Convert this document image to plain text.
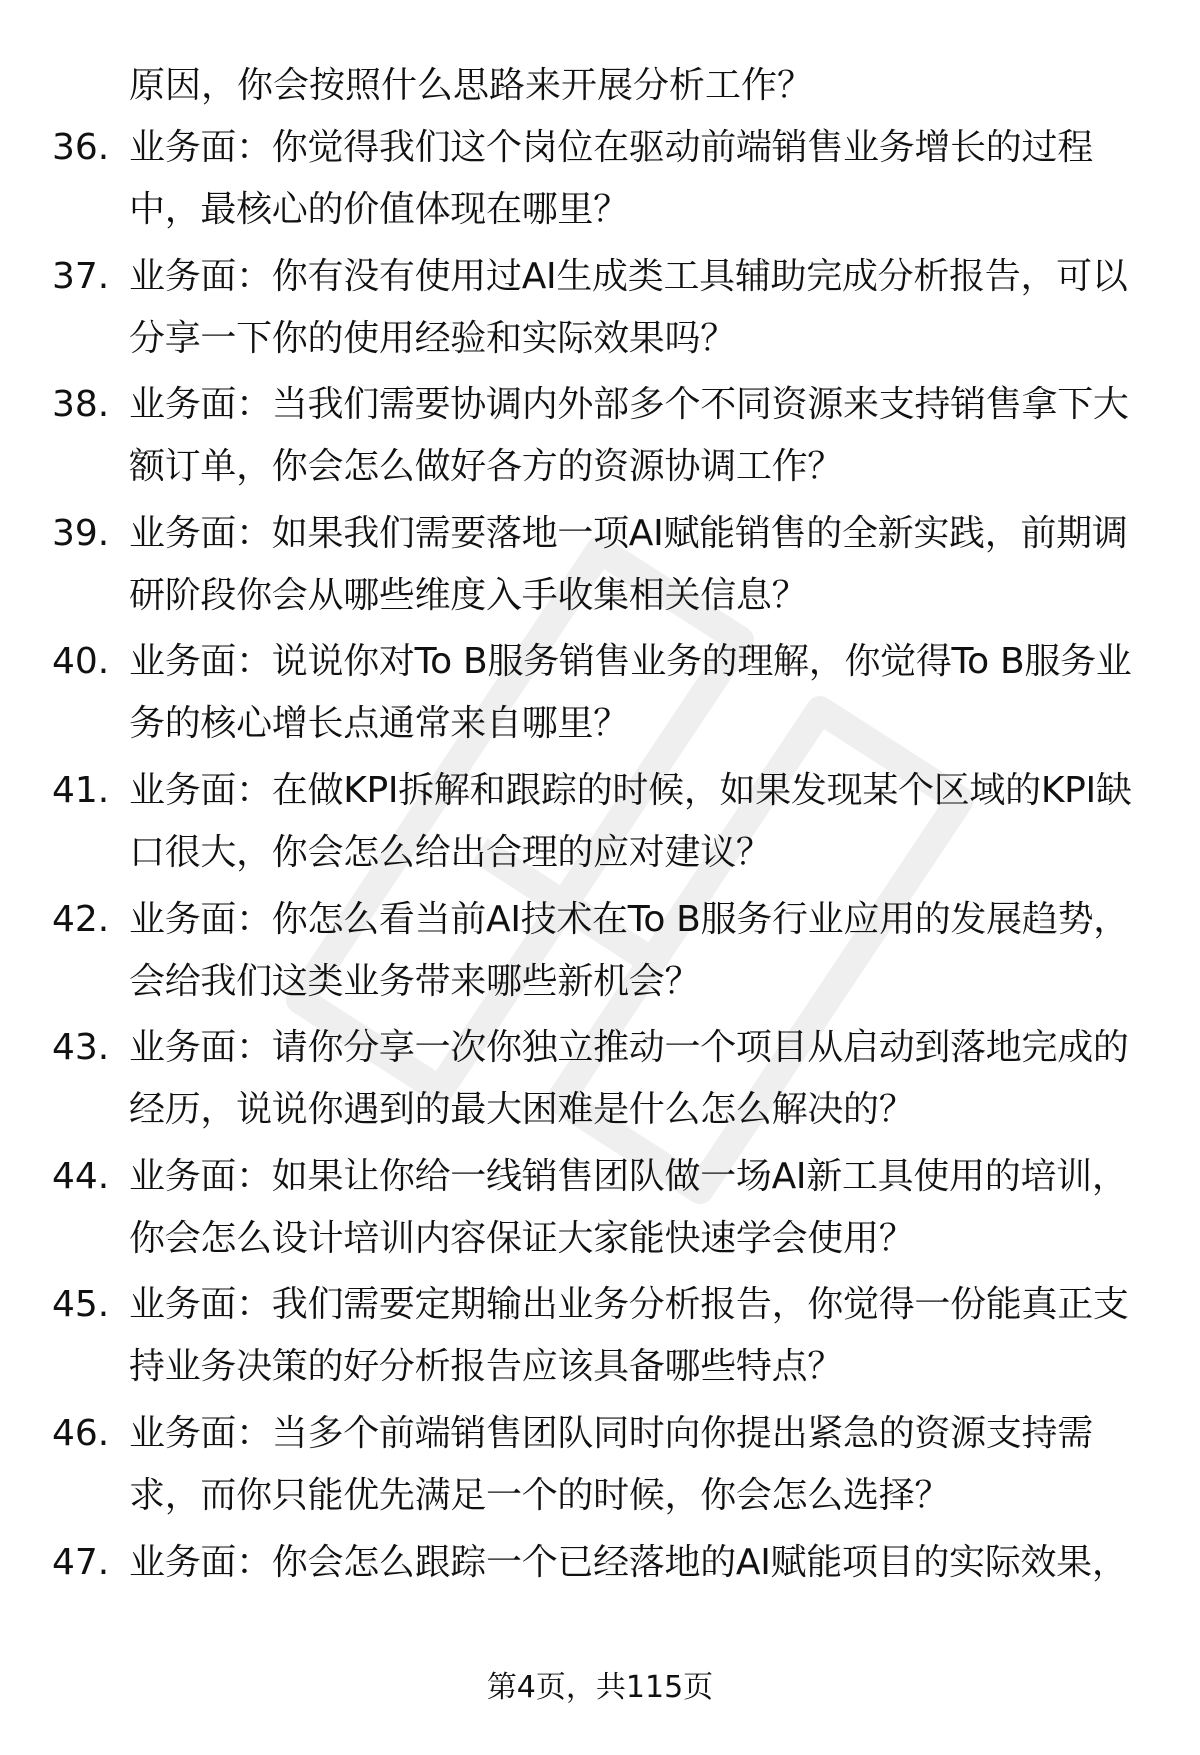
原因，你会按照什么思路来开展分析工作？
36. 业务面：你觉得我们这个岗位在驱动前端销售业务增长的过程
中，最核心的价值体现在哪里？
37. 业务面：你有没有使用过AI生成类工具辅助完成分析报告，可以
分享一下你的使用经验和实际效果吗？
38. 业务面：当我们需要协调内外部多个不同资源来支持销售拿下大
额订单，你会怎么做好各方的资源协调工作？
39. 业务面：如果我们需要落地一项AI赋能销售的全新实践，前期调
研阶段你会从哪些维度入手收集相关信息？
40. 业务面：说说你对To B服务销售业务的理解，你觉得To B服务业
务的核心增长点通常来自哪里？
41. 业务面：在做KPI拆解和跟踪的时候，如果发现某个区域的KPI缺
口很大，你会怎么给出合理的应对建议？
42. 业务面：你怎么看当前AI技术在To B服务行业应用的发展趋势，
会给我们这类业务带来哪些新机会？
43. 业务面：请你分享一次你独立推动一个项目从启动到落地完成的
经历，说说你遇到的最大困难是什么怎么解决的？
44. 业务面：如果让你给一线销售团队做一场AI新工具使用的培训，
你会怎么设计培训内容保证大家能快速学会使用？
45. 业务面：我们需要定期输出业务分析报告，你觉得一份能真正支
持业务决策的好分析报告应该具备哪些特点？
46. 业务面：当多个前端销售团队同时向你提出紧急的资源支持需
求，而你只能优先满足一个的时候，你会怎么选择？
47. 业务面：你会怎么跟踪一个已经落地的AI赋能项目的实际效果，
第4页，共115页
